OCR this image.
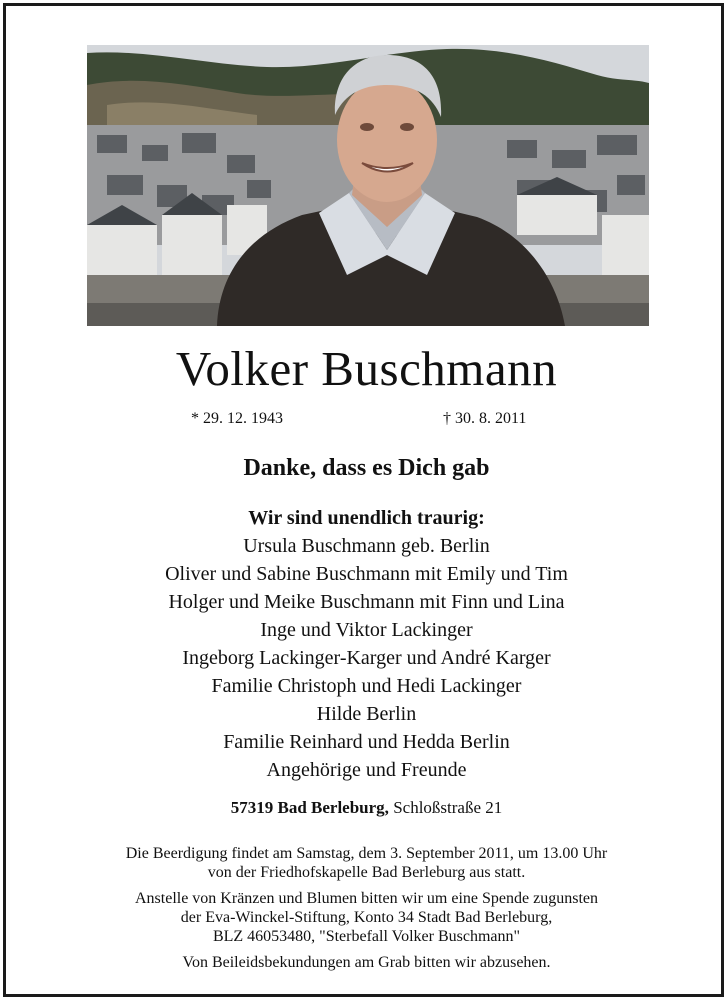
Volker Buschmann
* 29. 12. 1943	† 30. 8. 2011
Danke, dass es Dich gab
Wir sind unendlich traurig:
Ursula Buschmann geb. Berlin
Oliver und Sabine Buschmann mit Emily und Tim
Holger und Meike Buschmann mit Finn und Lina
Inge und Viktor Lackinger
Ingeborg Lackinger-Karger und André Karger
Familie Christoph und Hedi Lackinger
Hilde Berlin
Familie Reinhard und Hedda Berlin
Angehörige und Freunde
57319 Bad Berleburg, Schloßstraße 21

Die Beerdigung findet am Samstag, dem 3. September 2011, um 13.00 Uhr
von der Friedhofskapelle Bad Berleburg aus statt.

Anstelle von Kränzen und Blumen bitten wir um eine Spende zugunsten
der Eva-Winckel-Stiftung, Konto 34 Stadt Bad Berleburg,
BLZ 46053480, "Sterbefall Volker Buschmann"

Von Beileidsbekundungen am Grab bitten wir abzusehen.
